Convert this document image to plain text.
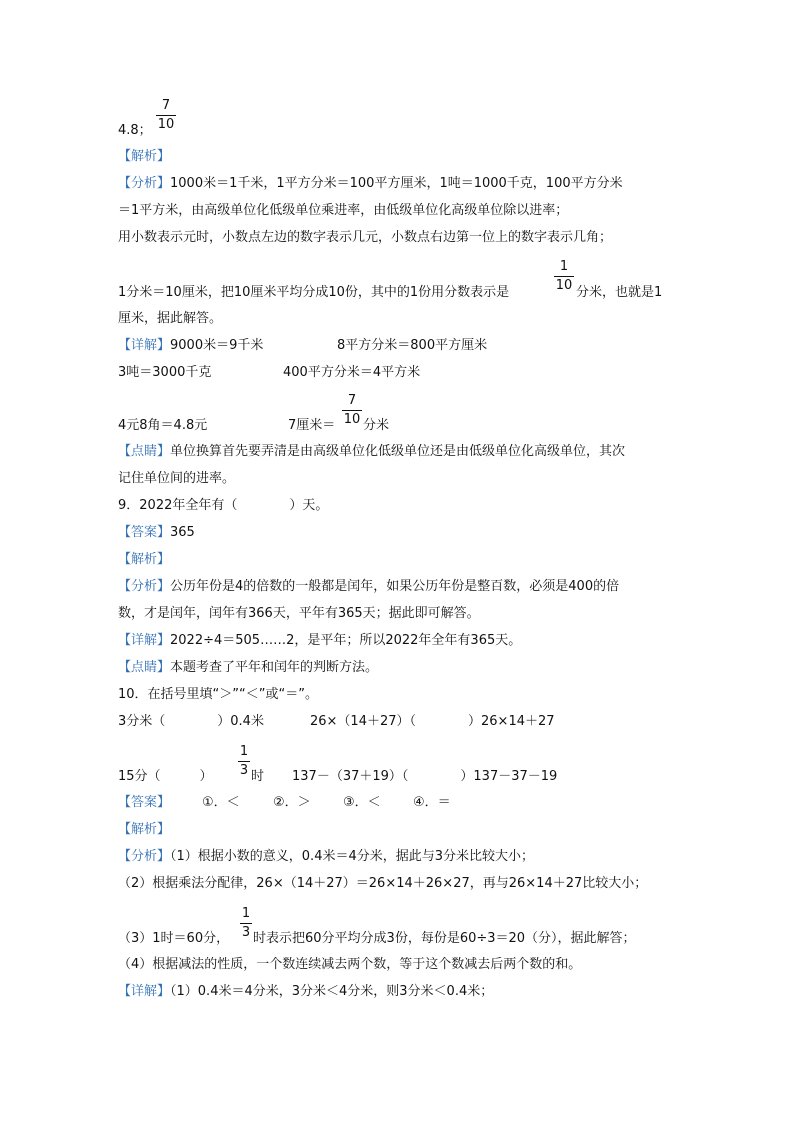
7
10
4.8；
【解析】
【分析】1000米＝1千米，1平方分米＝100平方厘米，1吨＝1000千克，100平方分米
＝1平方米，由高级单位化低级单位乘进率，由低级单位化高级单位除以进率；
用小数表示元时，小数点左边的数字表示几元，小数点右边第一位上的数字表示几角；
1
10
1分米＝10厘米，把10厘米平均分成10份，其中的1份用分数表示是	分米，也就是1
厘米，据此解答。
【详解】9000米＝9千米	8平方分米＝800平方厘米
3吨＝3000千克	400平方分米＝4平方米
7
10
4元8角＝4.8元	7厘米＝ 分米
【点睛】单位换算首先要弄清是由高级单位化低级单位还是由低级单位化高级单位，其次
记住单位间的进率。
9．2022年全年有（　　　　）天。
【答案】365
【解析】
【分析】公历年份是4的倍数的一般都是闰年，如果公历年份是整百数，必须是400的倍
数，才是闰年，闰年有366天，平年有365天；据此即可解答。
【详解】2022÷4＝505……2，是平年；所以2022年全年有365天。
【点睛】本题考查了平年和闰年的判断方法。
10．在括号里填“＞”“＜”或“＝”。
3分米（　　　　）0.4米	26×（14＋27）（　　　　）26×14＋27
1
3
15分（　　　）	时 137－（37＋19）（　　　　）137－37－19
【答案】 ①．＜	②．＞ ③．＜ ④．＝
【解析】
【分析】（1）根据小数的意义，0.4米＝4分米，据此与3分米比较大小；
（2）根据乘法分配律，26×（14＋27）＝26×14＋26×27，再与26×14＋27比较大小；
1
3
（3）1时＝60分， 时表示把60分平均分成3份，每份是60÷3＝20（分），据此解答；
（4）根据减法的性质，一个数连续减去两个数，等于这个数减去后两个数的和。
【详解】（1）0.4米＝4分米，3分米＜4分米，则3分米＜0.4米；
